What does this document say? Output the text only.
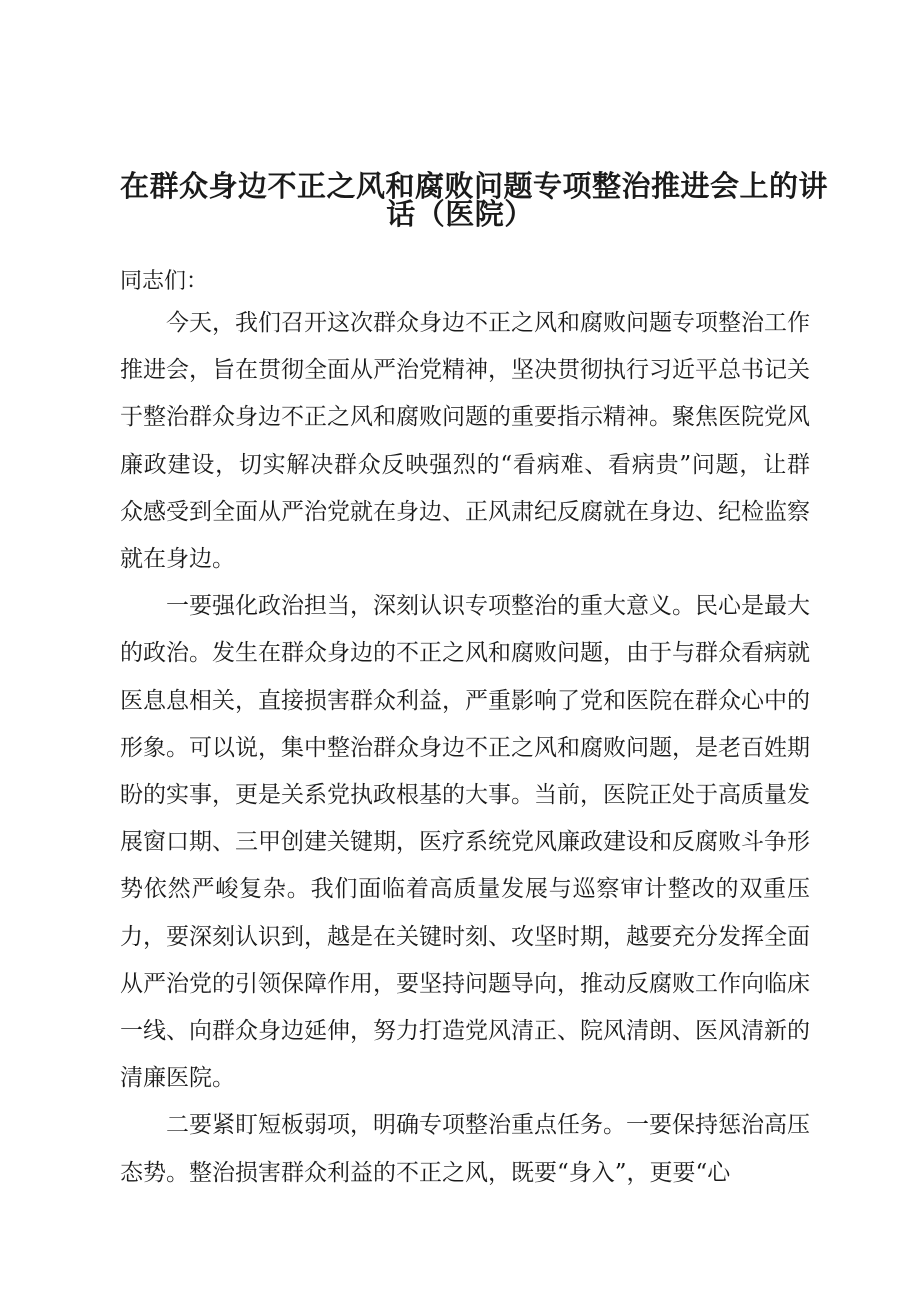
在群众身边不正之风和腐败问题专项整治推进会上的讲
话（医院）
同志们：

今天，我们召开这次群众身边不正之风和腐败问题专项整治工作推进会，旨在贯彻全面从严治党精神，坚决贯彻执行习近平总书记关于整治群众身边不正之风和腐败问题的重要指示精神。聚焦医院党风廉政建设，切实解决群众反映强烈的“看病难、看病贵”问题，让群众感受到全面从严治党就在身边、正风肃纪反腐就在身边、纪检监察就在身边。

一要强化政治担当，深刻认识专项整治的重大意义。民心是最大的政治。发生在群众身边的不正之风和腐败问题，由于与群众看病就医息息相关，直接损害群众利益，严重影响了党和医院在群众心中的形象。可以说，集中整治群众身边不正之风和腐败问题，是老百姓期盼的实事，更是关系党执政根基的大事。当前，医院正处于高质量发展窗口期、三甲创建关键期，医疗系统党风廉政建设和反腐败斗争形势依然严峻复杂。我们面临着高质量发展与巡察审计整改的双重压力，要深刻认识到，越是在关键时刻、攻坚时期，越要充分发挥全面从严治党的引领保障作用，要坚持问题导向，推动反腐败工作向临床一线、向群众身边延伸，努力打造党风清正、院风清朗、医风清新的清廉医院。

二要紧盯短板弱项，明确专项整治重点任务。一要保持惩治高压态势。整治损害群众利益的不正之风，既要“身入”，更要“心
